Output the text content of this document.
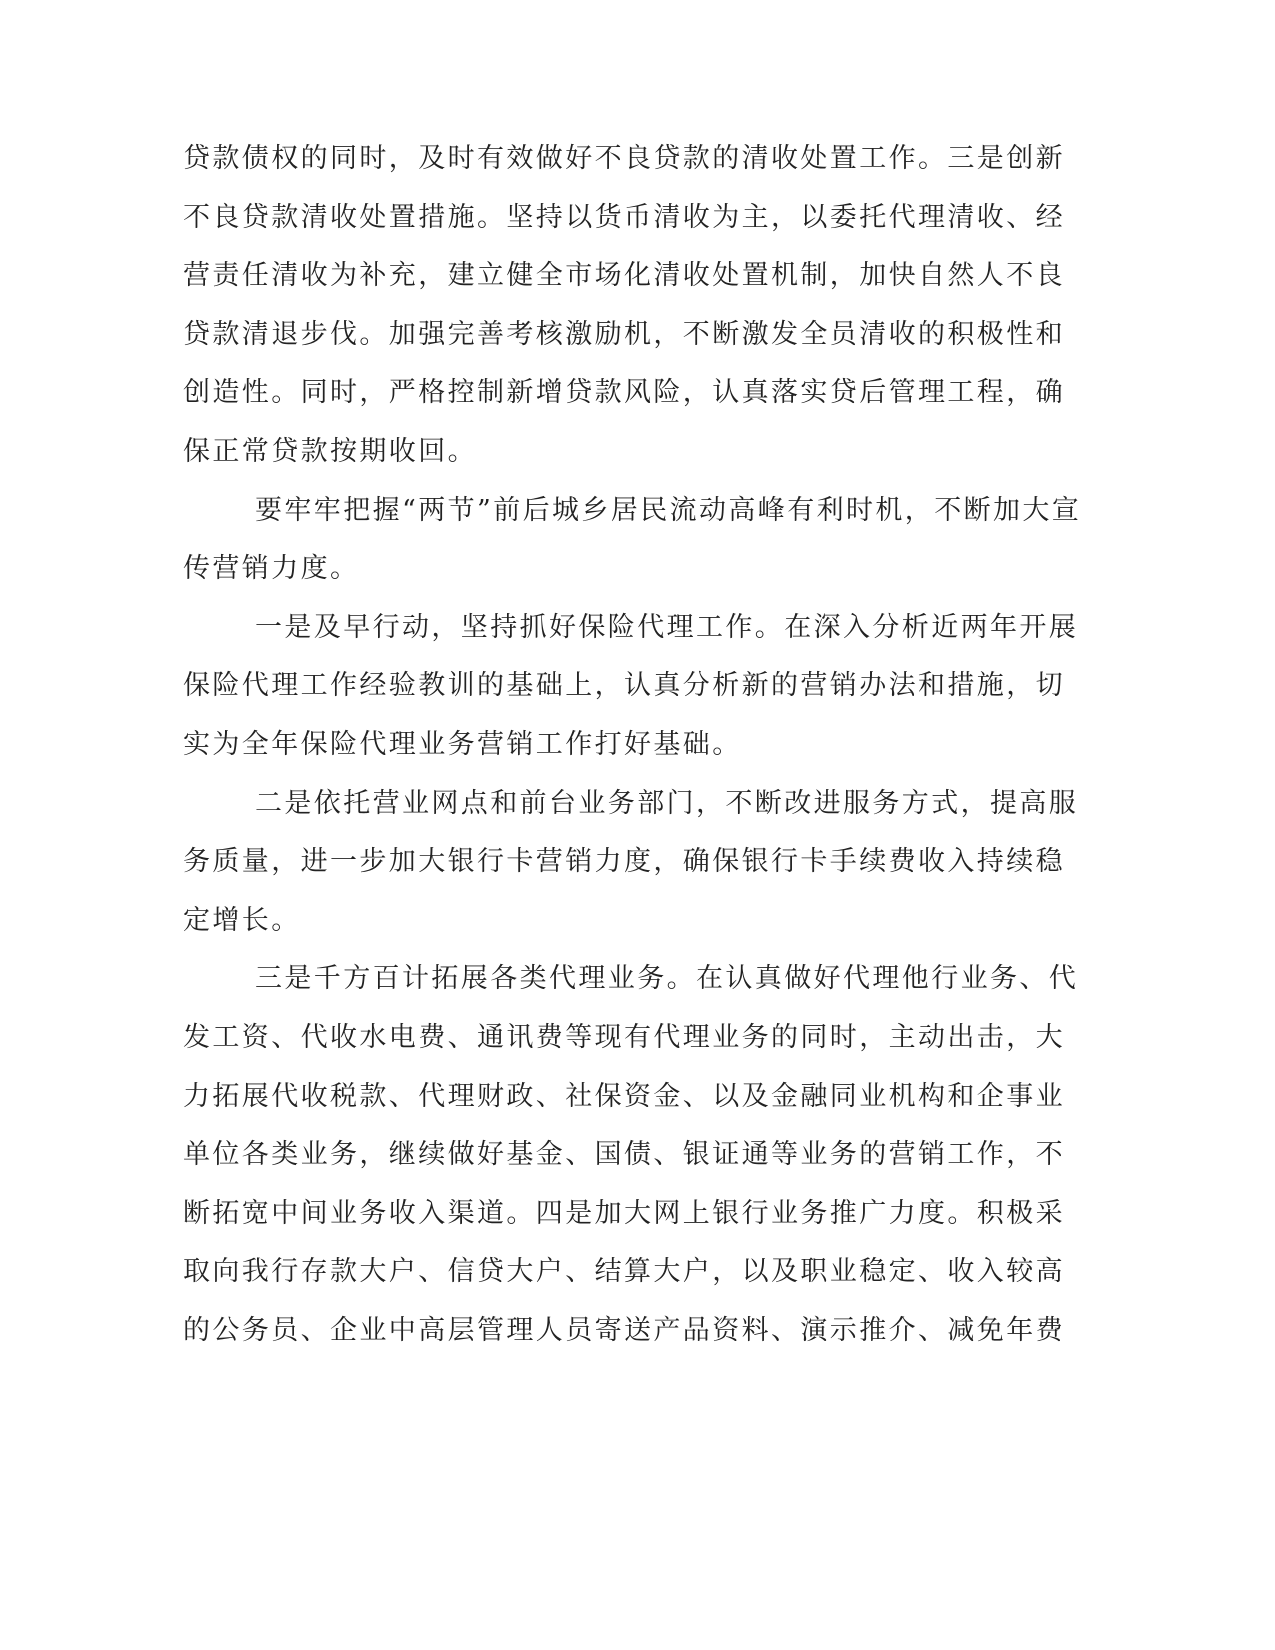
贷款债权的同时，及时有效做好不良贷款的清收处置工作。三是创新
不良贷款清收处置措施。坚持以货币清收为主，以委托代理清收、经
营责任清收为补充，建立健全市场化清收处置机制，加快自然人不良
贷款清退步伐。加强完善考核激励机，不断激发全员清收的积极性和
创造性。同时，严格控制新增贷款风险，认真落实贷后管理工程，确
保正常贷款按期收回。
要牢牢把握“两节”前后城乡居民流动高峰有利时机，不断加大宣
传营销力度。
一是及早行动，坚持抓好保险代理工作。在深入分析近两年开展
保险代理工作经验教训的基础上，认真分析新的营销办法和措施，切
实为全年保险代理业务营销工作打好基础。
二是依托营业网点和前台业务部门，不断改进服务方式，提高服
务质量，进一步加大银行卡营销力度，确保银行卡手续费收入持续稳
定增长。
三是千方百计拓展各类代理业务。在认真做好代理他行业务、代
发工资、代收水电费、通讯费等现有代理业务的同时，主动出击，大
力拓展代收税款、代理财政、社保资金、以及金融同业机构和企事业
单位各类业务，继续做好基金、国债、银证通等业务的营销工作，不
断拓宽中间业务收入渠道。四是加大网上银行业务推广力度。积极采
取向我行存款大户、信贷大户、结算大户，以及职业稳定、收入较高
的公务员、企业中高层管理人员寄送产品资料、演示推介、减免年费
